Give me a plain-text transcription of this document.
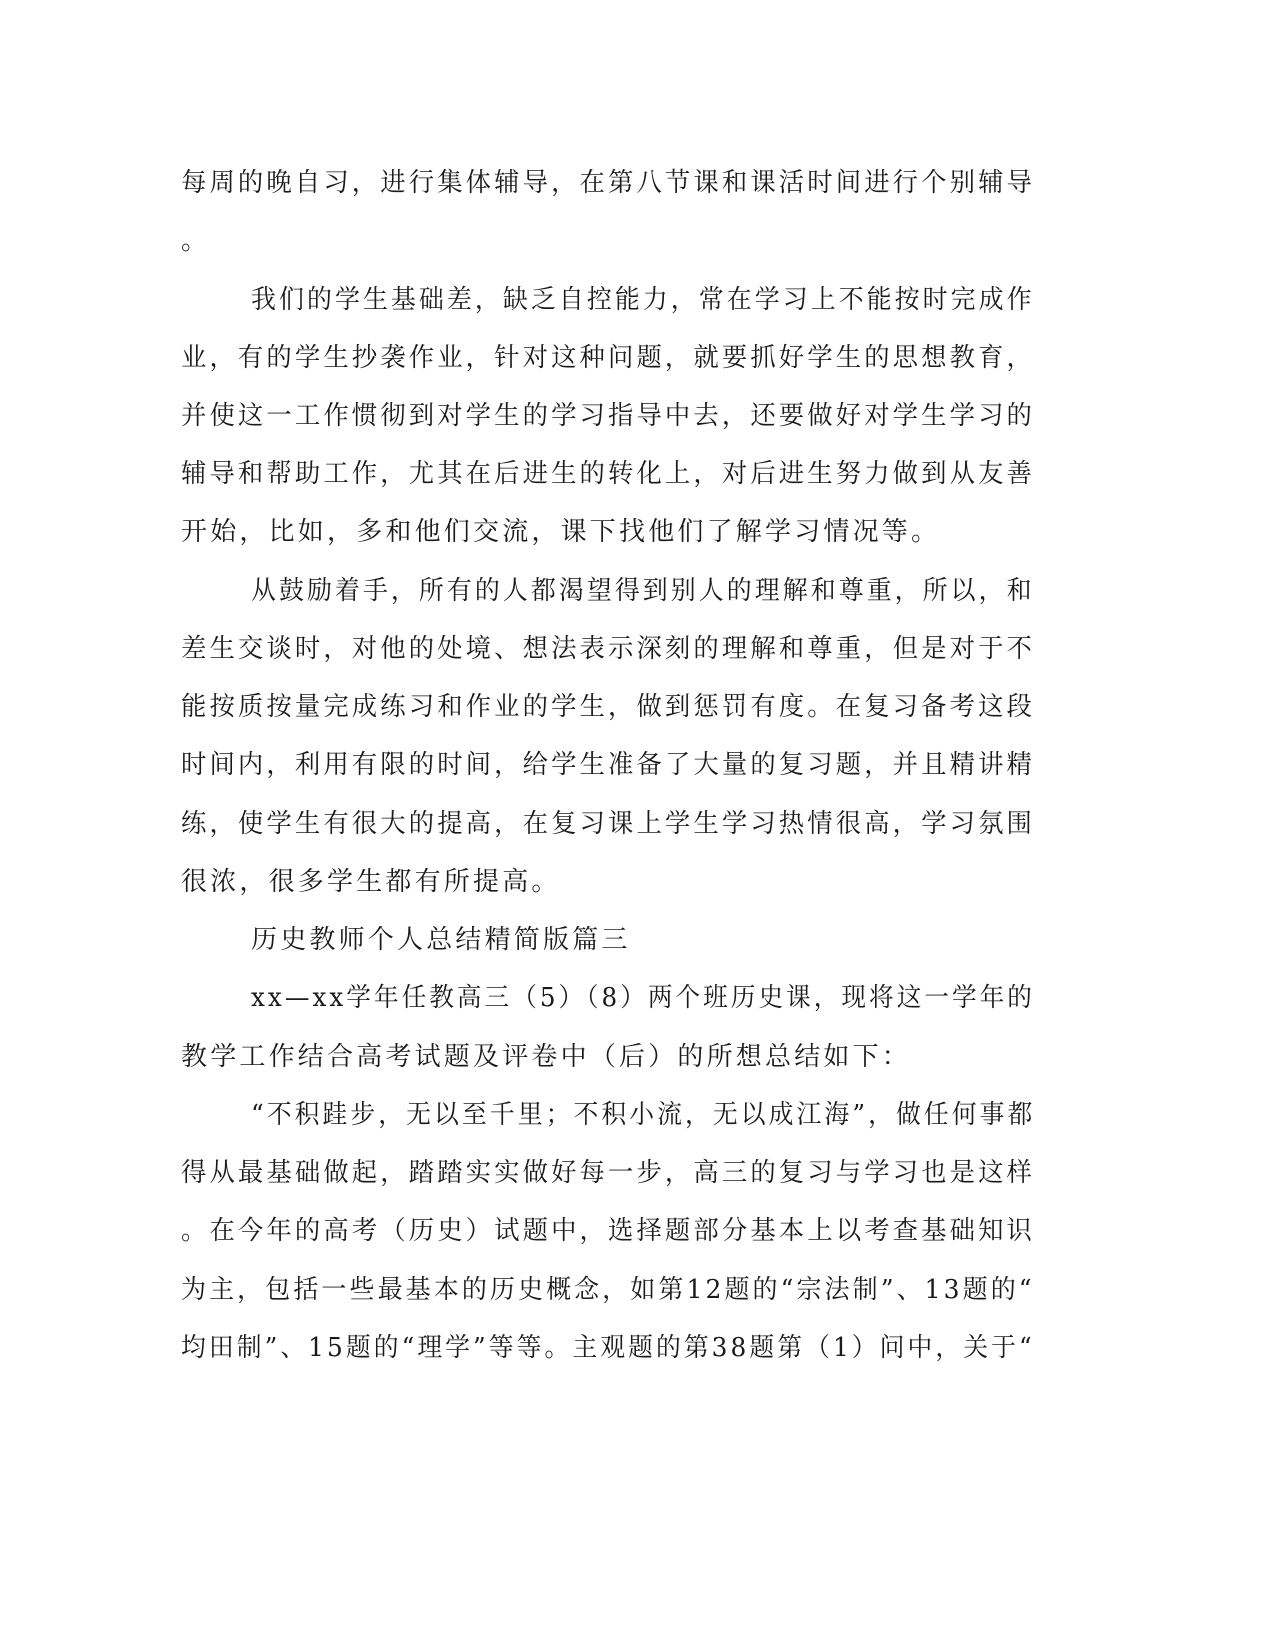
每周的晚自习，进行集体辅导，在第八节课和课活时间进行个别辅导
。
我们的学生基础差，缺乏自控能力，常在学习上不能按时完成作
业，有的学生抄袭作业，针对这种问题，就要抓好学生的思想教育，
并使这一工作惯彻到对学生的学习指导中去，还要做好对学生学习的
辅导和帮助工作，尤其在后进生的转化上，对后进生努力做到从友善
开始，比如，多和他们交流，课下找他们了解学习情况等。
从鼓励着手，所有的人都渴望得到别人的理解和尊重，所以，和
差生交谈时，对他的处境、想法表示深刻的理解和尊重，但是对于不
能按质按量完成练习和作业的学生，做到惩罚有度。在复习备考这段
时间内，利用有限的时间，给学生准备了大量的复习题，并且精讲精
练，使学生有很大的提高，在复习课上学生学习热情很高，学习氛围
很浓，很多学生都有所提高。
历史教师个人总结精简版篇三
xx—xx学年任教高三（5）（8）两个班历史课，现将这一学年的
教学工作结合高考试题及评卷中（后）的所想总结如下：
“不积跬步，无以至千里；不积小流，无以成江海”，做任何事都
得从最基础做起，踏踏实实做好每一步，高三的复习与学习也是这样
。在今年的高考（历史）试题中，选择题部分基本上以考查基础知识
为主，包括一些最基本的历史概念，如第12题的“宗法制”、13题的“
均田制”、15题的“理学”等等。主观题的第38题第（1）问中，关于“
